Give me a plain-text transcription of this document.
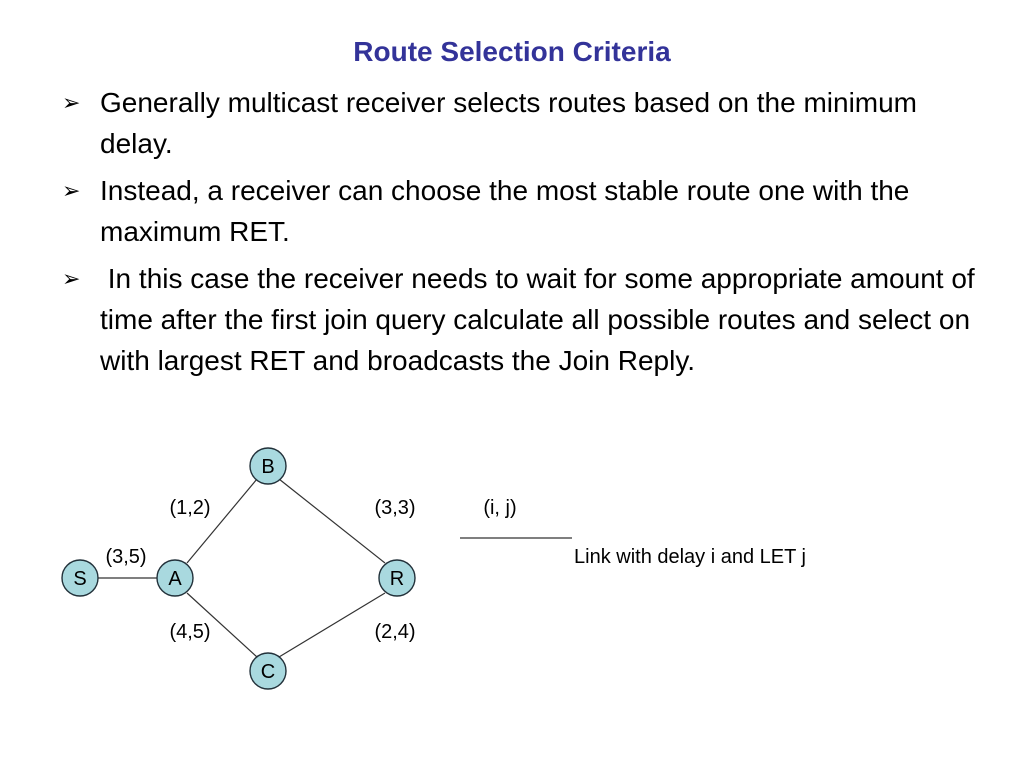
Route Selection Criteria
➢ Generally multicast receiver selects routes based on the minimum delay.
➢ Instead, a receiver can choose the most stable route one with the maximum RET.
➢ In this case the receiver needs to wait for some appropriate amount of time after the first join query calculate all possible routes and select on with largest RET and broadcasts the Join Reply.
B
S	A	R
C
(1,2)	(3,3)
(3,5)
(4,5)	(2,4)
(i, j)
Link with delay i and LET j
